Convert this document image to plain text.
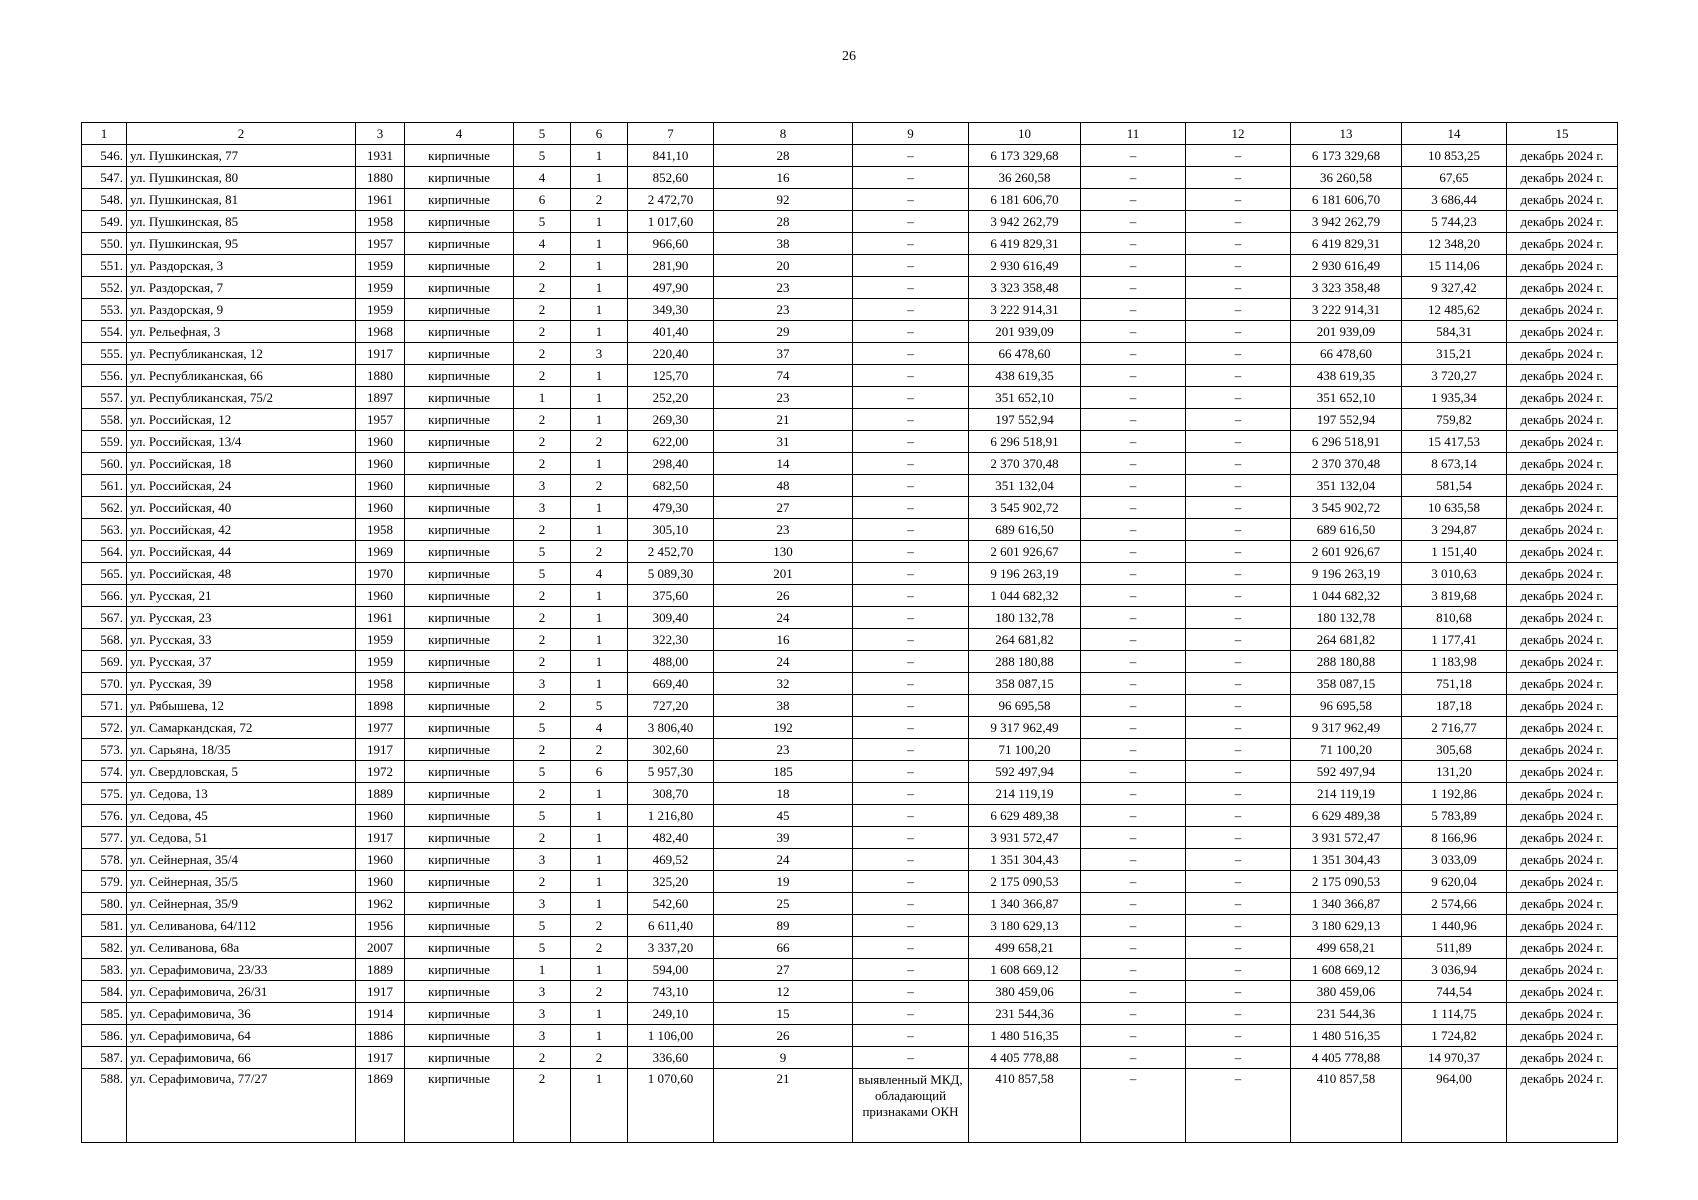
26
1	2	3	4	5	6	7	8	9	10	11	12	13	14	15
546.	ул. Пушкинская, 77	1931	кирпичные	5	1	841,10	28	–	6 173 329,68	–	–	6 173 329,68	10 853,25	декабрь 2024 г.
547.	ул. Пушкинская, 80	1880	кирпичные	4	1	852,60	16	–	36 260,58	–	–	36 260,58	67,65	декабрь 2024 г.
548.	ул. Пушкинская, 81	1961	кирпичные	6	2	2 472,70	92	–	6 181 606,70	–	–	6 181 606,70	3 686,44	декабрь 2024 г.
549.	ул. Пушкинская, 85	1958	кирпичные	5	1	1 017,60	28	–	3 942 262,79	–	–	3 942 262,79	5 744,23	декабрь 2024 г.
550.	ул. Пушкинская, 95	1957	кирпичные	4	1	966,60	38	–	6 419 829,31	–	–	6 419 829,31	12 348,20	декабрь 2024 г.
551.	ул. Раздорская, 3	1959	кирпичные	2	1	281,90	20	–	2 930 616,49	–	–	2 930 616,49	15 114,06	декабрь 2024 г.
552.	ул. Раздорская, 7	1959	кирпичные	2	1	497,90	23	–	3 323 358,48	–	–	3 323 358,48	9 327,42	декабрь 2024 г.
553.	ул. Раздорская, 9	1959	кирпичные	2	1	349,30	23	–	3 222 914,31	–	–	3 222 914,31	12 485,62	декабрь 2024 г.
554.	ул. Рельефная, 3	1968	кирпичные	2	1	401,40	29	–	201 939,09	–	–	201 939,09	584,31	декабрь 2024 г.
555.	ул. Республиканская, 12	1917	кирпичные	2	3	220,40	37	–	66 478,60	–	–	66 478,60	315,21	декабрь 2024 г.
556.	ул. Республиканская, 66	1880	кирпичные	2	1	125,70	74	–	438 619,35	–	–	438 619,35	3 720,27	декабрь 2024 г.
557.	ул. Республиканская, 75/2	1897	кирпичные	1	1	252,20	23	–	351 652,10	–	–	351 652,10	1 935,34	декабрь 2024 г.
558.	ул. Российская, 12	1957	кирпичные	2	1	269,30	21	–	197 552,94	–	–	197 552,94	759,82	декабрь 2024 г.
559.	ул. Российская, 13/4	1960	кирпичные	2	2	622,00	31	–	6 296 518,91	–	–	6 296 518,91	15 417,53	декабрь 2024 г.
560.	ул. Российская, 18	1960	кирпичные	2	1	298,40	14	–	2 370 370,48	–	–	2 370 370,48	8 673,14	декабрь 2024 г.
561.	ул. Российская, 24	1960	кирпичные	3	2	682,50	48	–	351 132,04	–	–	351 132,04	581,54	декабрь 2024 г.
562.	ул. Российская, 40	1960	кирпичные	3	1	479,30	27	–	3 545 902,72	–	–	3 545 902,72	10 635,58	декабрь 2024 г.
563.	ул. Российская, 42	1958	кирпичные	2	1	305,10	23	–	689 616,50	–	–	689 616,50	3 294,87	декабрь 2024 г.
564.	ул. Российская, 44	1969	кирпичные	5	2	2 452,70	130	–	2 601 926,67	–	–	2 601 926,67	1 151,40	декабрь 2024 г.
565.	ул. Российская, 48	1970	кирпичные	5	4	5 089,30	201	–	9 196 263,19	–	–	9 196 263,19	3 010,63	декабрь 2024 г.
566.	ул. Русская, 21	1960	кирпичные	2	1	375,60	26	–	1 044 682,32	–	–	1 044 682,32	3 819,68	декабрь 2024 г.
567.	ул. Русская, 23	1961	кирпичные	2	1	309,40	24	–	180 132,78	–	–	180 132,78	810,68	декабрь 2024 г.
568.	ул. Русская, 33	1959	кирпичные	2	1	322,30	16	–	264 681,82	–	–	264 681,82	1 177,41	декабрь 2024 г.
569.	ул. Русская, 37	1959	кирпичные	2	1	488,00	24	–	288 180,88	–	–	288 180,88	1 183,98	декабрь 2024 г.
570.	ул. Русская, 39	1958	кирпичные	3	1	669,40	32	–	358 087,15	–	–	358 087,15	751,18	декабрь 2024 г.
571.	ул. Рябышева, 12	1898	кирпичные	2	5	727,20	38	–	96 695,58	–	–	96 695,58	187,18	декабрь 2024 г.
572.	ул. Самаркандская, 72	1977	кирпичные	5	4	3 806,40	192	–	9 317 962,49	–	–	9 317 962,49	2 716,77	декабрь 2024 г.
573.	ул. Сарьяна, 18/35	1917	кирпичные	2	2	302,60	23	–	71 100,20	–	–	71 100,20	305,68	декабрь 2024 г.
574.	ул. Свердловская, 5	1972	кирпичные	5	6	5 957,30	185	–	592 497,94	–	–	592 497,94	131,20	декабрь 2024 г.
575.	ул. Седова, 13	1889	кирпичные	2	1	308,70	18	–	214 119,19	–	–	214 119,19	1 192,86	декабрь 2024 г.
576.	ул. Седова, 45	1960	кирпичные	5	1	1 216,80	45	–	6 629 489,38	–	–	6 629 489,38	5 783,89	декабрь 2024 г.
577.	ул. Седова, 51	1917	кирпичные	2	1	482,40	39	–	3 931 572,47	–	–	3 931 572,47	8 166,96	декабрь 2024 г.
578.	ул. Сейнерная, 35/4	1960	кирпичные	3	1	469,52	24	–	1 351 304,43	–	–	1 351 304,43	3 033,09	декабрь 2024 г.
579.	ул. Сейнерная, 35/5	1960	кирпичные	2	1	325,20	19	–	2 175 090,53	–	–	2 175 090,53	9 620,04	декабрь 2024 г.
580.	ул. Сейнерная, 35/9	1962	кирпичные	3	1	542,60	25	–	1 340 366,87	–	–	1 340 366,87	2 574,66	декабрь 2024 г.
581.	ул. Селиванова, 64/112	1956	кирпичные	5	2	6 611,40	89	–	3 180 629,13	–	–	3 180 629,13	1 440,96	декабрь 2024 г.
582.	ул. Селиванова, 68а	2007	кирпичные	5	2	3 337,20	66	–	499 658,21	–	–	499 658,21	511,89	декабрь 2024 г.
583.	ул. Серафимовича, 23/33	1889	кирпичные	1	1	594,00	27	–	1 608 669,12	–	–	1 608 669,12	3 036,94	декабрь 2024 г.
584.	ул. Серафимовича, 26/31	1917	кирпичные	3	2	743,10	12	–	380 459,06	–	–	380 459,06	744,54	декабрь 2024 г.
585.	ул. Серафимовича, 36	1914	кирпичные	3	1	249,10	15	–	231 544,36	–	–	231 544,36	1 114,75	декабрь 2024 г.
586.	ул. Серафимовича, 64	1886	кирпичные	3	1	1 106,00	26	–	1 480 516,35	–	–	1 480 516,35	1 724,82	декабрь 2024 г.
587.	ул. Серафимовича, 66	1917	кирпичные	2	2	336,60	9	–	4 405 778,88	–	–	4 405 778,88	14 970,37	декабрь 2024 г.
588.	ул. Серафимовича, 77/27	1869	кирпичные	2	1	1 070,60	21	выявленный МКД, обладающий признаками ОКН	410 857,58	–	–	410 857,58	964,00	декабрь 2024 г.
